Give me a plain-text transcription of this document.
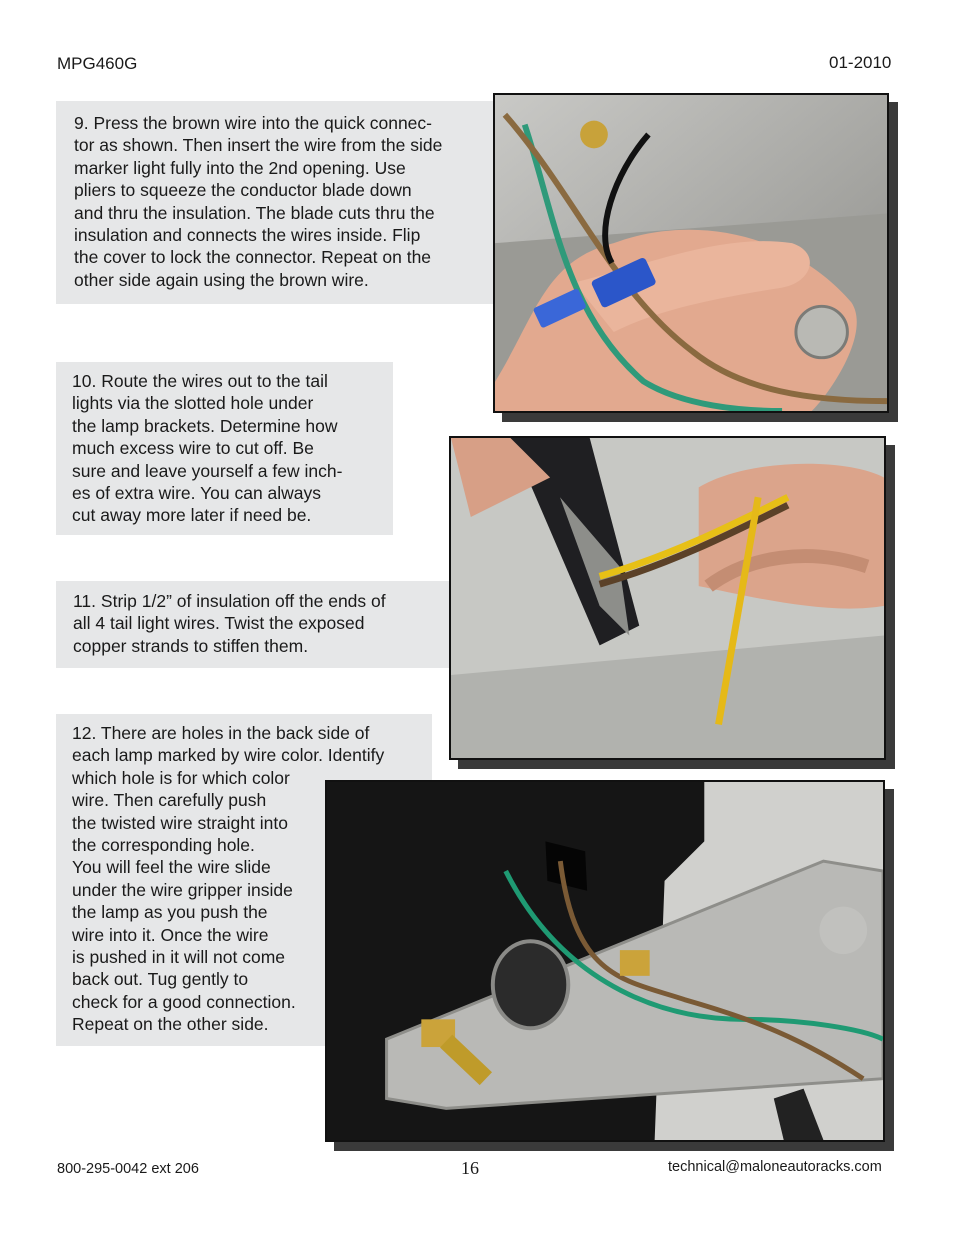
MPG460G	01-2010

9. Press the brown wire into the quick connec-
tor as shown. Then insert the wire from the side
marker light fully into the 2nd opening. Use
pliers to squeeze the conductor blade down
and thru the insulation. The blade cuts thru the
insulation and connects the wires inside. Flip
the cover to lock the connector. Repeat on the
other side again using the brown wire.

10. Route the wires out to the tail
lights via the slotted hole under
the lamp brackets. Determine how
much excess wire to cut off. Be
sure and leave yourself a few inch-
es of extra wire. You can always
cut away more later if need be.

11. Strip 1/2” of insulation off the ends of
all 4 tail light wires. Twist the exposed
copper strands to stiffen them.

12. There are holes in the back side of
each lamp marked by wire color. Identify
which hole is for which color
wire. Then carefully push
the twisted wire straight into
the corresponding hole.
You will feel the wire slide
under the wire gripper inside
the lamp as you push the
wire into it. Once the wire
is pushed in it will not come
back out. Tug gently to
check for a good connection.
Repeat on the other side.

800-295-0042 ext 206	16	technical@maloneautoracks.com
